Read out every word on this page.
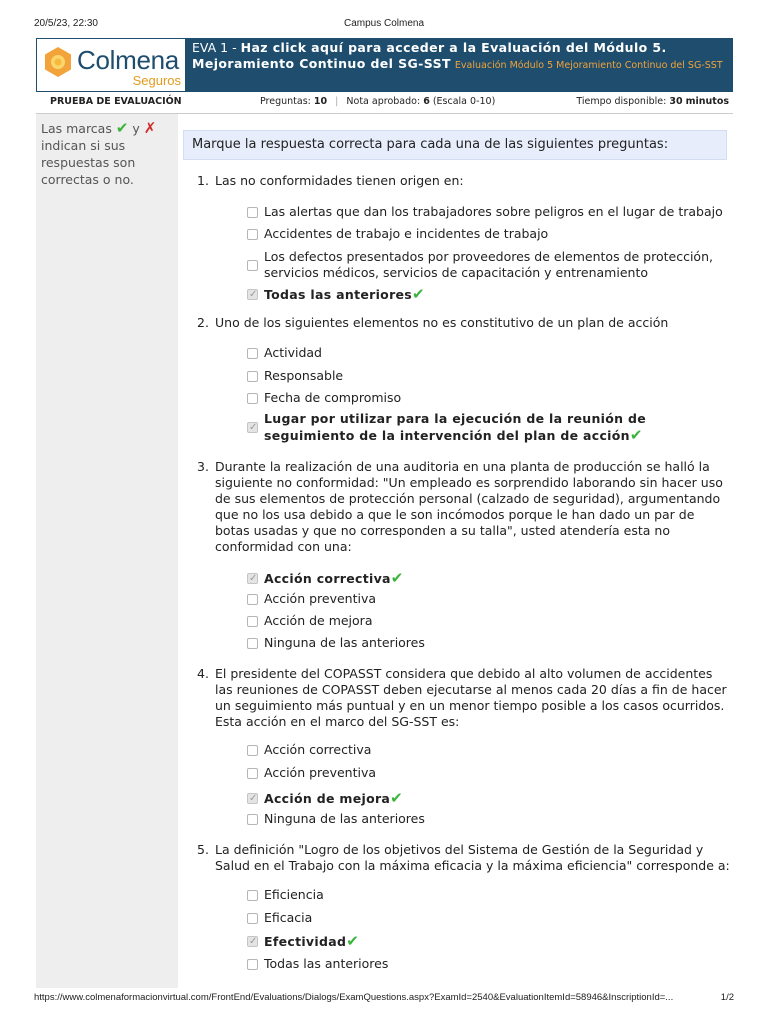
20/5/23, 22:30	Campus Colmena
Colmena
Seguros
EVA 1 - Haz click aquí para acceder a la Evaluación del Módulo 5.
Mejoramiento Continuo del SG-SST Evaluación Módulo 5 Mejoramiento Continuo del SG-SST
PRUEBA DE EVALUACIÓN	Preguntas: 10 | Nota aprobado: 6 (Escala 0-10)	Tiempo disponible: 30 minutos
Las marcas ✔ y ✗ indican si sus respuestas son correctas o no.
Marque la respuesta correcta para cada una de las siguientes preguntas:
1. Las no conformidades tienen origen en:
Las alertas que dan los trabajadores sobre peligros en el lugar de trabajo
Accidentes de trabajo e incidentes de trabajo
Los defectos presentados por proveedores de elementos de protección, servicios médicos, servicios de capacitación y entrenamiento
✓
Todas las anteriores✔
2. Uno de los siguientes elementos no es constitutivo de un plan de acción
Actividad
Responsable
Fecha de compromiso
✓
Lugar por utilizar para la ejecución de la reunión de seguimiento de la intervención del plan de acción✔
3. Durante la realización de una auditoria en una planta de producción se halló la siguiente no conformidad: "Un empleado es sorprendido laborando sin hacer uso de sus elementos de protección personal (calzado de seguridad), argumentando que no los usa debido a que le son incómodos porque le han dado un par de botas usadas y que no corresponden a su talla", usted atendería esta no conformidad con una:
✓
Acción correctiva✔
Acción preventiva
Acción de mejora
Ninguna de las anteriores
4. El presidente del COPASST considera que debido al alto volumen de accidentes las reuniones de COPASST deben ejecutarse al menos cada 20 días a fin de hacer un seguimiento más puntual y en un menor tiempo posible a los casos ocurridos. Esta acción en el marco del SG-SST es:
Acción correctiva
Acción preventiva
✓
Acción de mejora✔
Ninguna de las anteriores
5. La definición "Logro de los objetivos del Sistema de Gestión de la Seguridad y Salud en el Trabajo con la máxima eficacia y la máxima eficiencia" corresponde a:
Eficiencia
Eficacia
✓
Efectividad✔
Todas las anteriores
https://www.colmenaformacionvirtual.com/FrontEnd/Evaluations/Dialogs/ExamQuestions.aspx?ExamId=2540&EvaluationItemId=58946&InscriptionId=...	1/2
